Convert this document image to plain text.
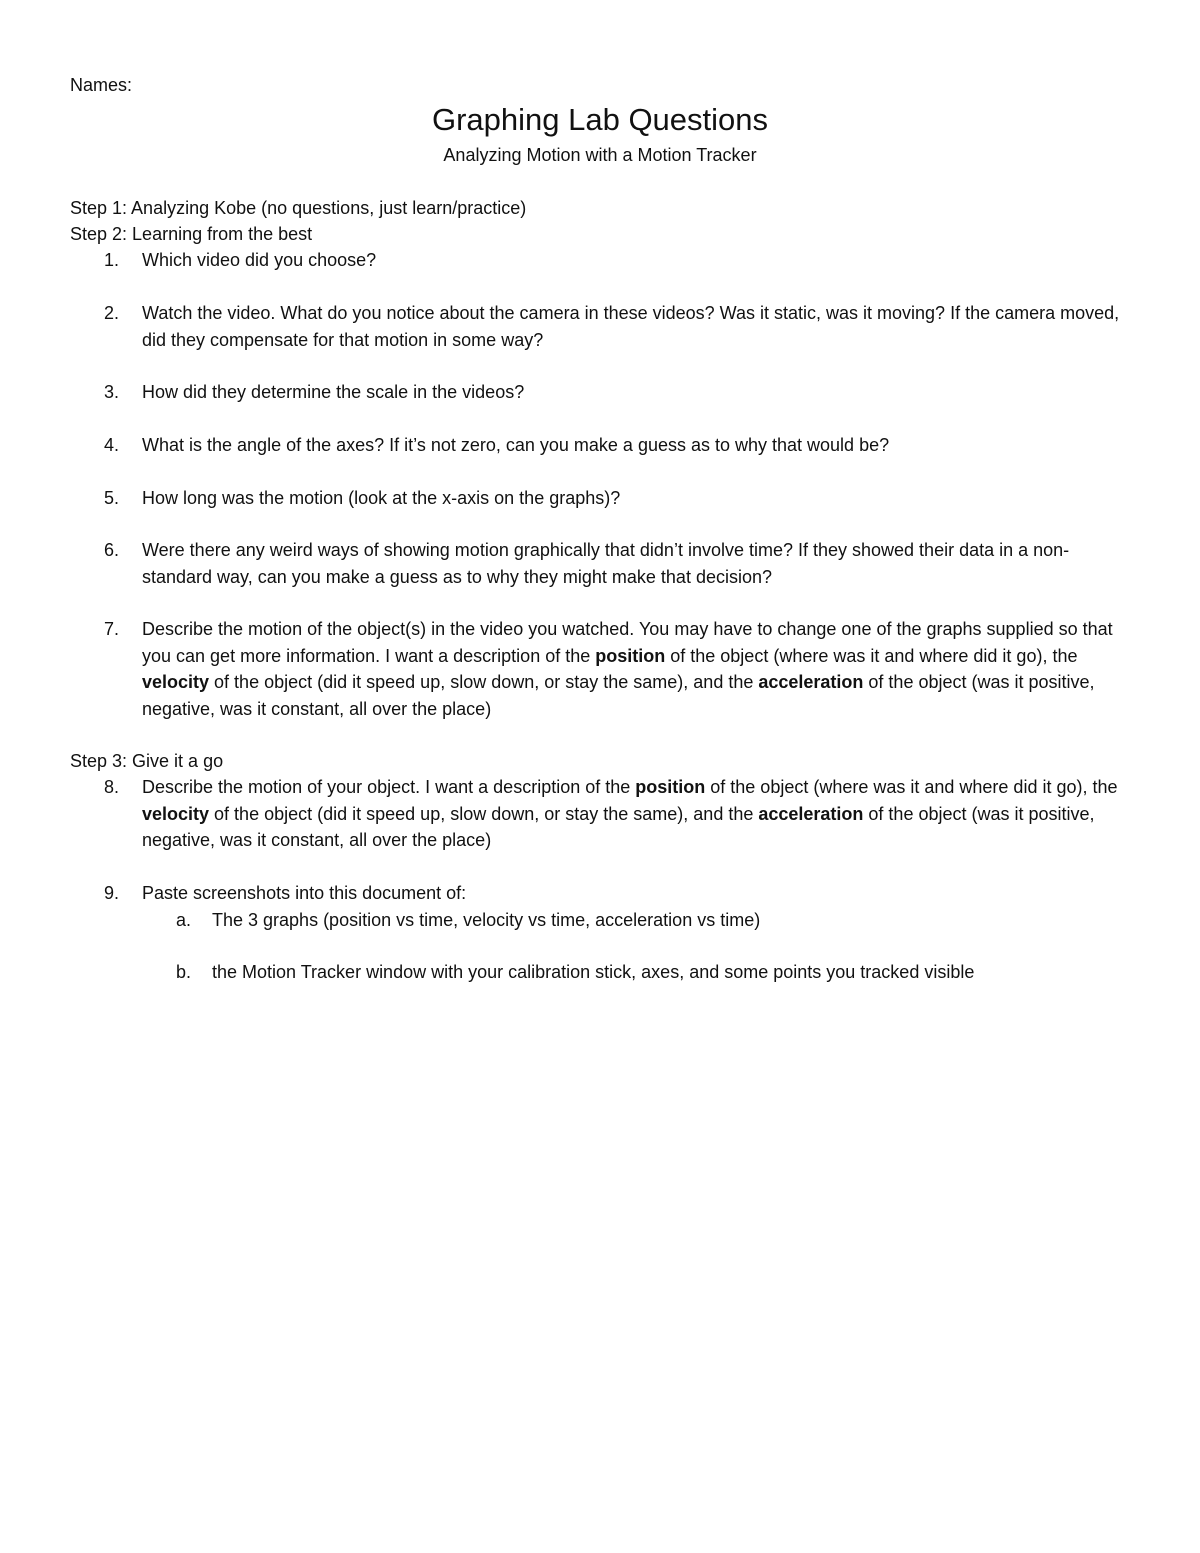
Names:
Graphing Lab Questions
Analyzing Motion with a Motion Tracker
Step 1: Analyzing Kobe (no questions, just learn/practice)
Step 2: Learning from the best
1. Which video did you choose?
2. Watch the video. What do you notice about the camera in these videos? Was it static, was it moving? If the camera moved, did they compensate for that motion in some way?
3. How did they determine the scale in the videos?
4. What is the angle of the axes? If it’s not zero, can you make a guess as to why that would be?
5. How long was the motion (look at the x-axis on the graphs)?
6. Were there any weird ways of showing motion graphically that didn’t involve time? If they showed their data in a non-standard way, can you make a guess as to why they might make that decision?
7. Describe the motion of the object(s) in the video you watched. You may have to change one of the graphs supplied so that you can get more information. I want a description of the position of the object (where was it and where did it go), the velocity of the object (did it speed up, slow down, or stay the same), and the acceleration of the object (was it positive, negative, was it constant, all over the place)
Step 3: Give it a go
8. Describe the motion of your object. I want a description of the position of the object (where was it and where did it go), the velocity of the object (did it speed up, slow down, or stay the same), and the acceleration of the object (was it positive, negative, was it constant, all over the place)
9. Paste screenshots into this document of:
a. The 3 graphs (position vs time, velocity vs time, acceleration vs time)
b. the Motion Tracker window with your calibration stick, axes, and some points you tracked visible
